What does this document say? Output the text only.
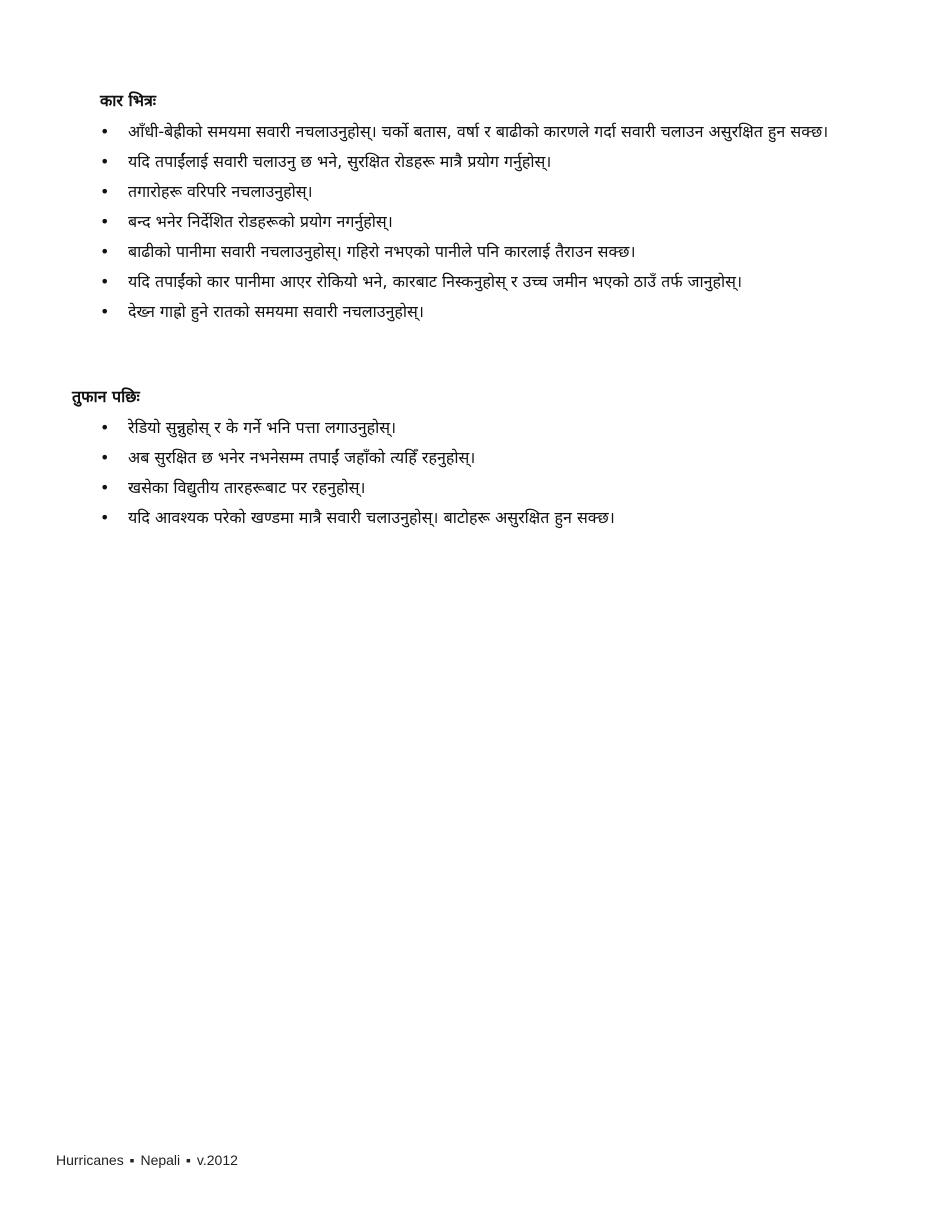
कार भित्रः
• आँधी-बेह्रीको समयमा सवारी नचलाउनुहोस्। चर्को बतास, वर्षा र बाढीको कारणले गर्दा सवारी चलाउन असुरक्षित हुन सक्छ।
• यदि तपाईंलाई सवारी चलाउनु छ भने, सुरक्षित रोडहरू मात्रै प्रयोग गर्नुहोस्।
• तगारोहरू वरिपरि नचलाउनुहोस्।
• बन्द भनेर निर्देशित रोडहरूको प्रयोग नगर्नुहोस्।
• बाढीको पानीमा सवारी नचलाउनुहोस्। गहिरो नभएको पानीले पनि कारलाई तैराउन सक्छ।
• यदि तपाईंको कार पानीमा आएर रोकियो भने, कारबाट निस्कनुहोस् र उच्च जमीन भएको ठाउँ तर्फ जानुहोस्।
• देख्न गाह्रो हुने रातको समयमा सवारी नचलाउनुहोस्।
तुफान पछिः
• रेडियो सुन्नुहोस् र के गर्ने भनि पत्ता लगाउनुहोस्।
• अब सुरक्षित छ भनेर नभनेसम्म तपाईं जहाँको त्यहिँ रहनुहोस्।
• खसेका विद्युतीय तारहरूबाट पर रहनुहोस्।
• यदि आवश्यक परेको खण्डमा मात्रै सवारी चलाउनुहोस्। बाटोहरू असुरक्षित हुन सक्छ।
Hurricanes ▪ Nepali ▪ v.2012
